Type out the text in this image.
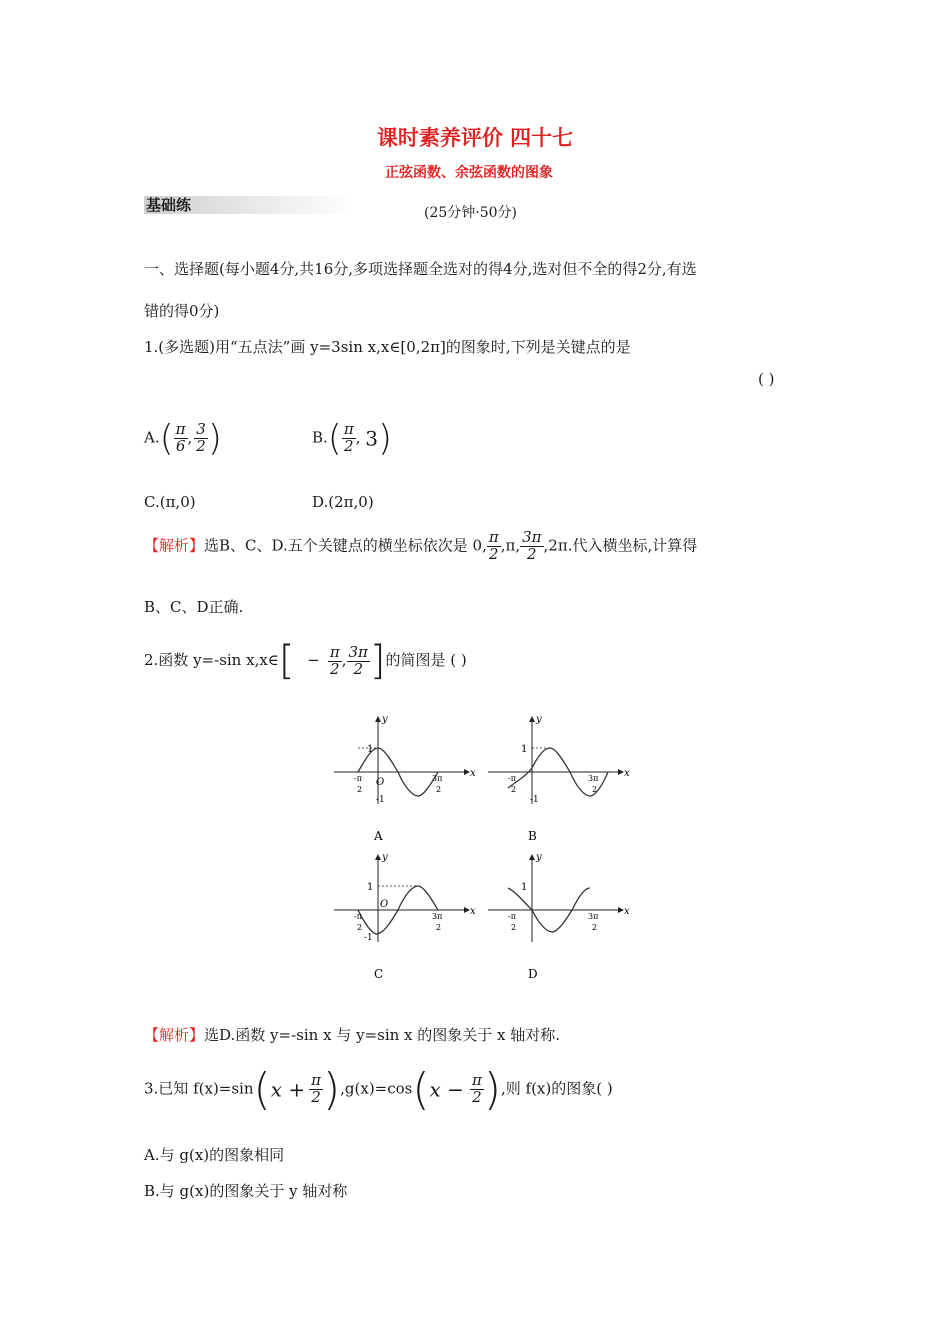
课时素养评价 四十七
正弦函数、余弦函数的图象
基础练	(25分钟·50分)
一、选择题(每小题4分,共16分,多项选择题全选对的得4分,选对但不全的得2分,有选
错的得0分)
1.(多选题)用“五点法”画 y=3sin x,x∈[0,2π]的图象时,下列是关键点的是
( )
$A.( \frac{\pi}{6}$ , $\frac{3}{2}$ )	$B.( \frac{\pi}{2}$ , 3)
C.(π,0)	D.(2π,0)
【解析】选B、C、D.五个关键点的横坐标依次是 0, $\frac{\pi}{2} ,\pi$, $\frac{3\pi}{2} ,2\pi$.代入横坐标,计算得
B、C、D正确.
2.函数 y=-sin x,x∈[ − $\frac{\pi}{2}$ , $\frac{3\pi}{2}$ ]的简图是 ( )
y
x
1
O
-1
-π
2
3π
2
A
y
x
1
-1
-π
2
3π
2
B
y
x
1
O
-1
-π
2
3π
2
C
y
x
1
-π
2
3π
2
D
【解析】选D.函数 y=-sin x 与 y=sin x 的图象关于 x 轴对称.
3.已知 $f(x)=\sin(x + \frac{\pi}{2} ),g(x)=\cos(x - \frac{\pi}{2}$ ),则 f(x)的图象( )
A.与 g(x)的图象相同
B.与 g(x)的图象关于 y 轴对称
